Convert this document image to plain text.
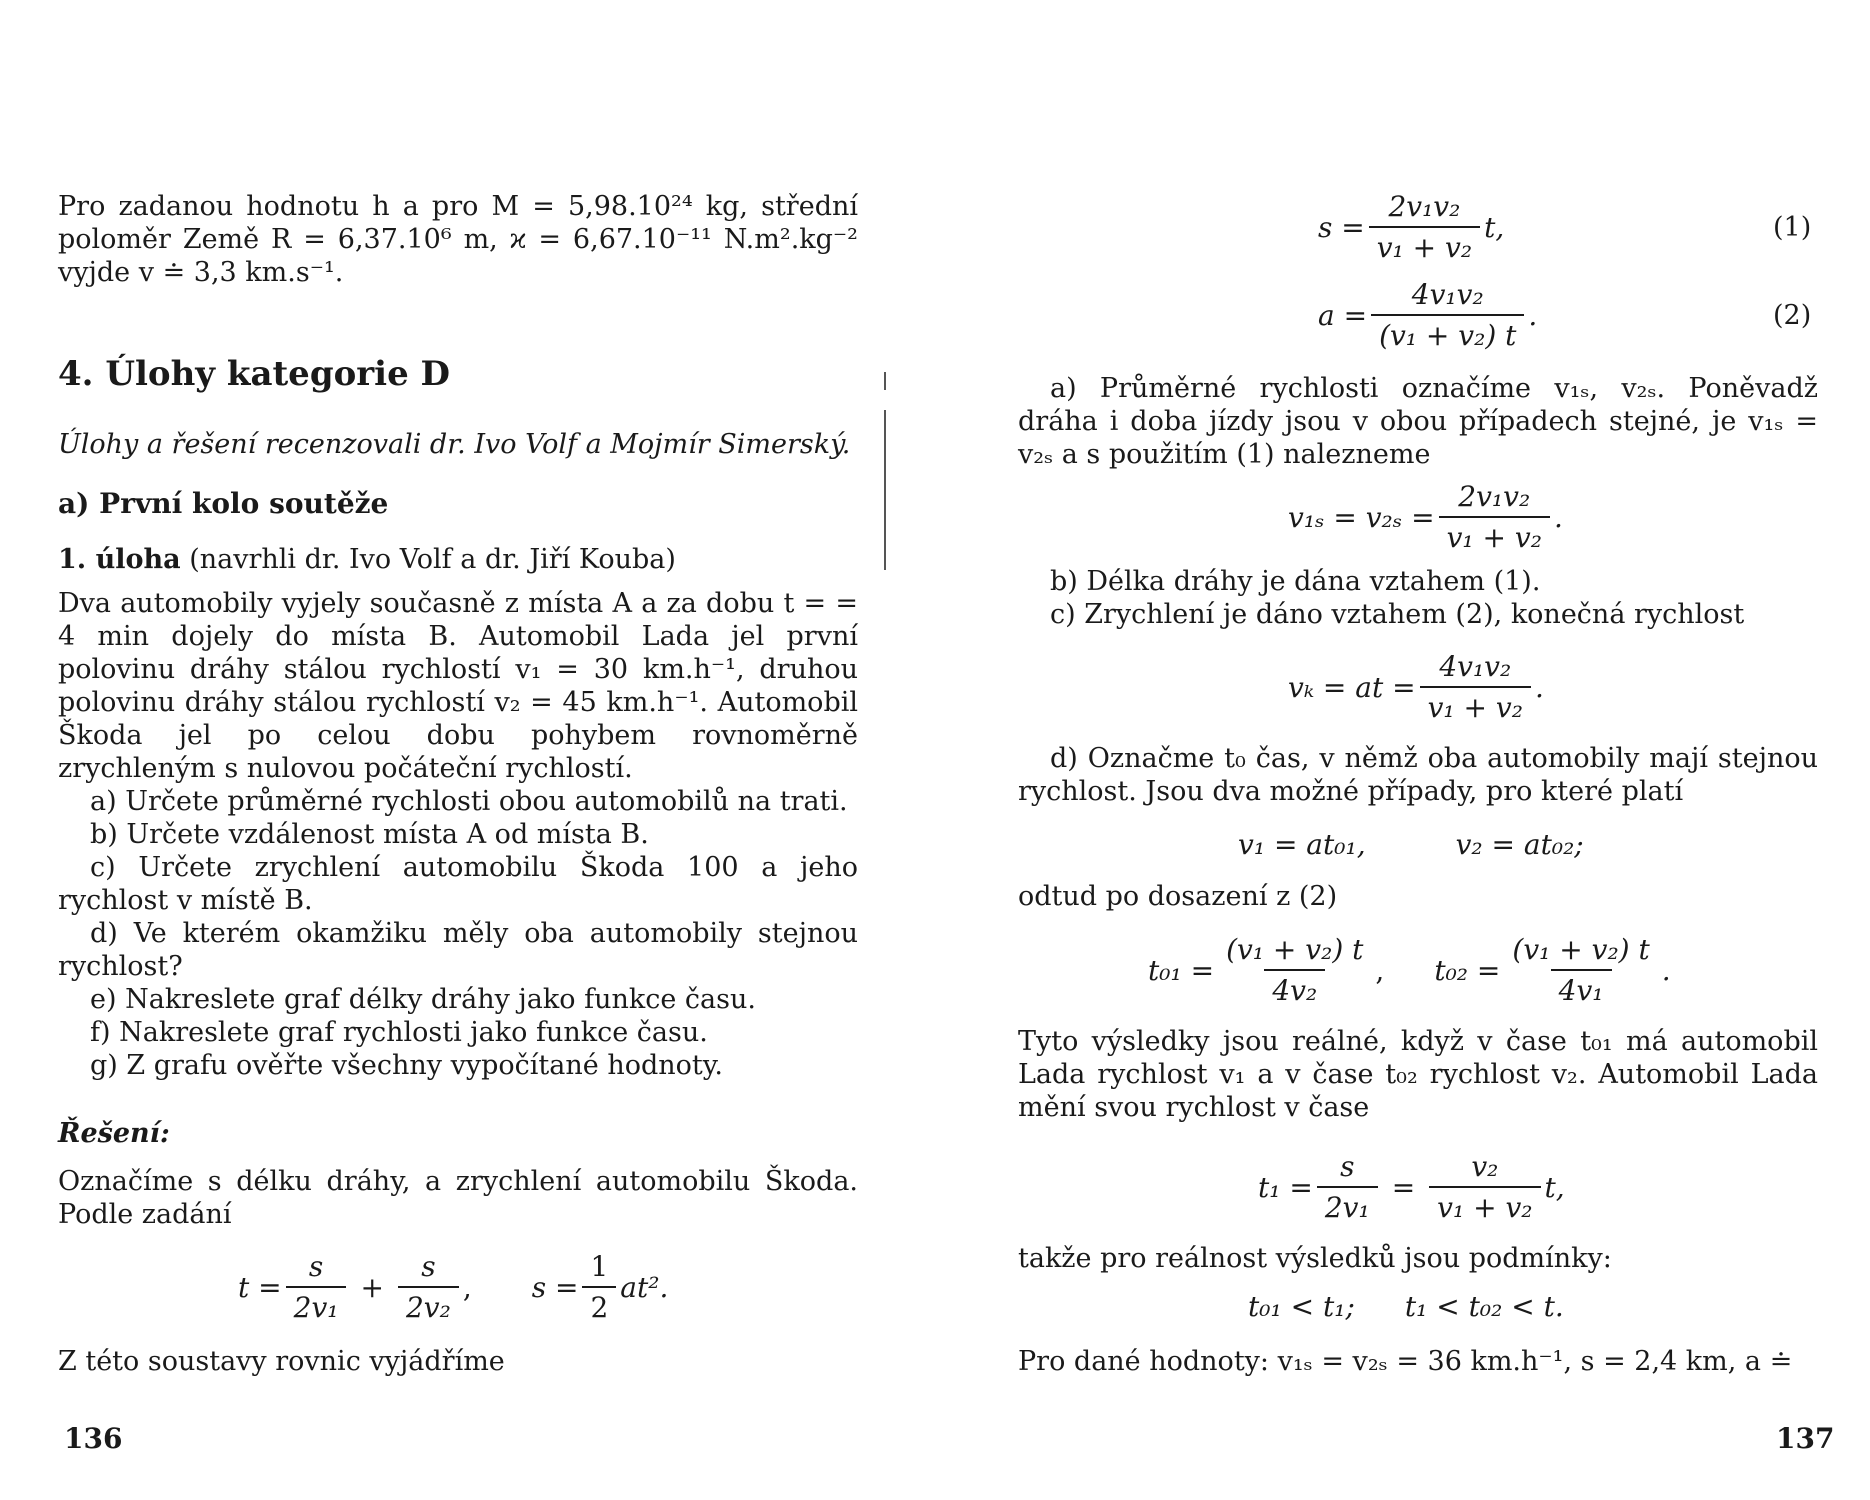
Pro zadanou hodnotu h a pro M = 5,98.10²⁴ kg, střední poloměr Země R = 6,37.10⁶ m, ϰ = 6,67.10⁻¹¹ N.m².kg⁻² vyjde v ≐ 3,3 km.s⁻¹.

4. Úlohy kategorie D

Úlohy a řešení recenzovali dr. Ivo Volf a Mojmír Simerský.

a) První kolo soutěže

1. úloha (navrhli dr. Ivo Volf a dr. Jiří Kouba)

Dva automobily vyjely současně z místa A a za dobu t = = 4 min dojely do místa B. Automobil Lada jel první polovinu dráhy stálou rychlostí v₁ = 30 km.h⁻¹, druhou polovinu dráhy stálou rychlostí v₂ = 45 km.h⁻¹. Automobil Škoda jel po celou dobu pohybem rovnoměrně zrychleným s nulovou počáteční rychlostí.

a) Určete průměrné rychlosti obou automobilů na trati.

b) Určete vzdálenost místa A od místa B.

c) Určete zrychlení automobilu Škoda 100 a jeho rychlost v místě B.

d) Ve kterém okamžiku měly oba automobily stejnou rychlost?

e) Nakreslete graf délky dráhy jako funkce času.

f) Nakreslete graf rychlosti jako funkce času.

g) Z grafu ověřte všechny vypočítané hodnoty.

Řešení:

Označíme s délku dráhy, a zrychlení automobilu Škoda. Podle zadání

$t = \frac{s}{\text{2v₁}} + \frac{s}{\text{2v₂}}$ , $s = \frac{1}{2} at^2$.

Z této soustavy rovnic vyjádříme

136
$s = \frac{\text{2v₁v₂}}{\text{v₁ + v₂}} t$,	(1)
$a = \frac{\text{4v₁v₂}}{\text{(v₁ + v₂) t}}$ .	(2)

a) Průměrné rychlosti označíme v₁ₛ, v₂ₛ. Poněvadž dráha i doba jízdy jsou v obou případech stejné, je v₁ₛ = v₂ₛ a s použitím (1) nalezneme

$v_{1s} = v_{2s} = \frac{\text{2v₁v₂}}{\text{v₁ + v₂}}$ .

b) Délka dráhy je dána vztahem (1).

c) Zrychlení je dáno vztahem (2), konečná rychlost

vₖ = at = $\frac{\text{4v₁v₂}}{\text{v₁ + v₂}}$ .

d) Označme t₀ čas, v němž oba automobily mají stejnou rychlost. Jsou dva možné případy, pro které platí

v₁ = at₀₁,	v₂ = at₀₂;

odtud po dosazení z (2)

$t_{01} = \frac{\text{(v₁ + v₂) t}}{\text{4v₂}}$ , $t_{02} = \frac{\text{(v₁ + v₂) t}}{\text{4v₁}}$ .

Tyto výsledky jsou reálné, když v čase t₀₁ má automobil Lada rychlost v₁ a v čase t₀₂ rychlost v₂. Automobil Lada mění svou rychlost v čase

$t_1 = \frac{s}{\text{2v₁}} = \frac{\text{v₂}}{\text{v₁ + v₂}} t$,

takže pro reálnost výsledků jsou podmínky:

t₀₁ < t₁; t₁ < t₀₂ < t.

Pro dané hodnoty: v₁ₛ = v₂ₛ = 36 km.h⁻¹, s = 2,4 km, a ≐

137
